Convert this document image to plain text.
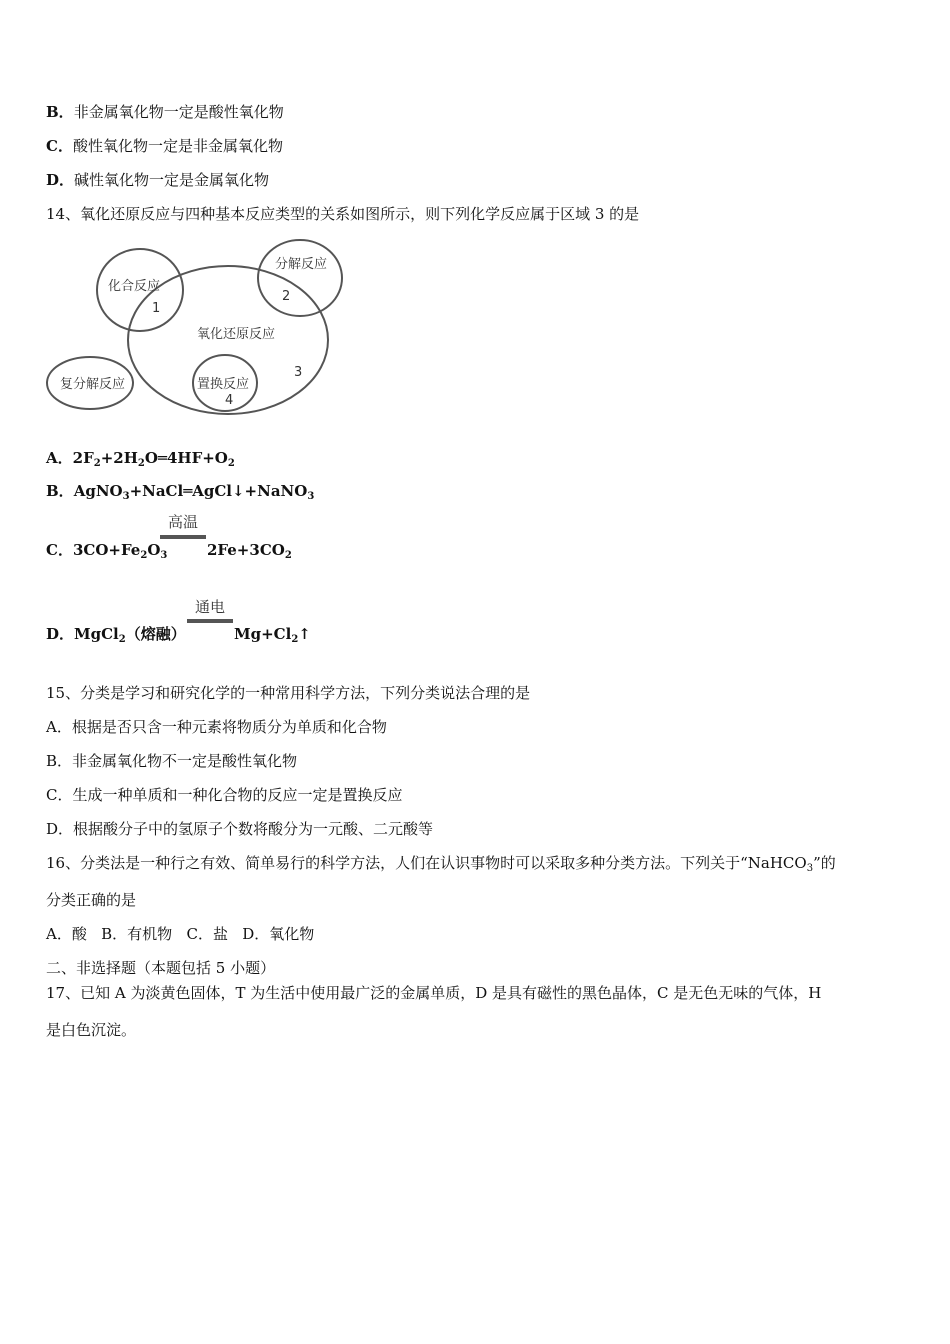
B．非金属氧化物一定是酸性氧化物
C．酸性氧化物一定是非金属氧化物
D．碱性氧化物一定是金属氧化物
14、氧化还原反应与四种基本反应类型的关系如图所示，则下列化学反应属于区域 3 的是
化合反应
分解反应
氧化还原反应
复分解反应	置换反应
1
2
3
4
A．$2F_2+2H_2O═4HF+O_2$
B．AgNO$_3$+NaCl═AgCl↓+NaNO$_3$
C．$3CO+Fe_2O_3$
高温
$2Fe+3CO_2$
D．MgCl$_2$（熔融）
通电
$Mg+Cl_2↑$
15、分类是学习和研究化学的一种常用科学方法，下列分类说法合理的是
A．根据是否只含一种元素将物质分为单质和化合物
B．非金属氧化物不一定是酸性氧化物
C．生成一种单质和一种化合物的反应一定是置换反应
D．根据酸分子中的氢原子个数将酸分为一元酸、二元酸等
16、分类法是一种行之有效、简单易行的科学方法，人们在认识事物时可以采取多种分类方法。下列关于“NaHCO$_3$”的
分类正确的是
A．酸   B．有机物   C．盐   D．氧化物
二、非选择题（本题包括 5 小题）
17、已知 A 为淡黄色固体，T 为生活中使用最广泛的金属单质，D 是具有磁性的黑色晶体，C 是无色无味的气体，H
是白色沉淀。
